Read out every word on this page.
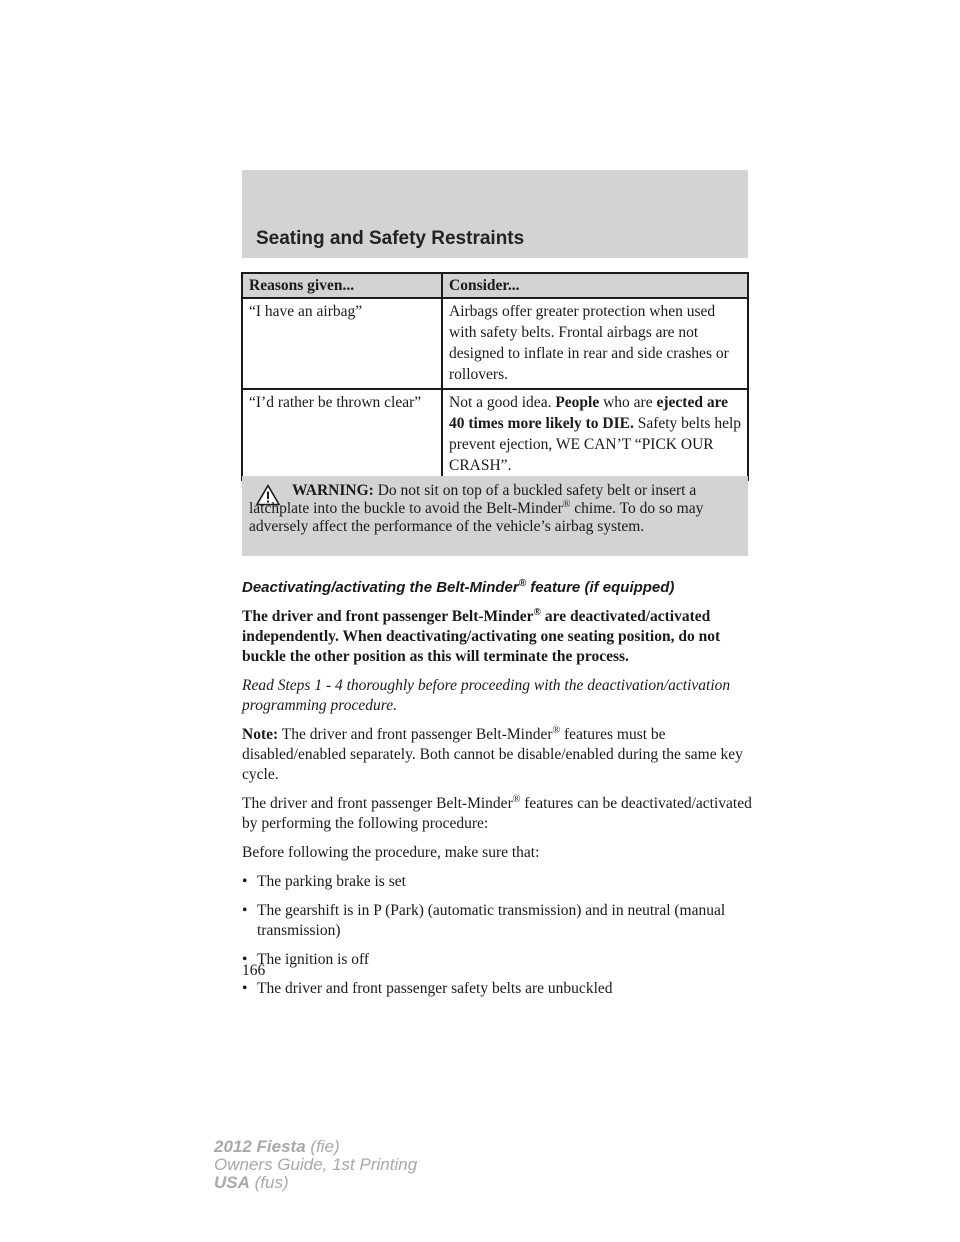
Seating and Safety Restraints
Reasons given...	Consider...
“I have an airbag”	Airbags offer greater protection when used with safety belts. Frontal airbags are not designed to inflate in rear and side crashes or rollovers.
“I’d rather be thrown clear”	Not a good idea. People who are ejected are 40 times more likely to DIE. Safety belts help prevent ejection, WE CAN’T “PICK OUR CRASH”.

WARNING: Do not sit on top of a buckled safety belt or insert a latchplate into the buckle to avoid the Belt-Minder® chime. To do so may adversely affect the performance of the vehicle’s airbag system.

Deactivating/activating the Belt-Minder® feature (if equipped)

The driver and front passenger Belt-Minder® are deactivated/activated independently. When deactivating/activating one seating position, do not buckle the other position as this will terminate the process.

Read Steps 1 - 4 thoroughly before proceeding with the deactivation/activation programming procedure.

Note: The driver and front passenger Belt-Minder® features must be disabled/enabled separately. Both cannot be disable/enabled during the same key cycle.

The driver and front passenger Belt-Minder® features can be deactivated/activated by performing the following procedure:

Before following the procedure, make sure that:

• The parking brake is set
• The gearshift is in P (Park) (automatic transmission) and in neutral (manual transmission)
• The ignition is off
• The driver and front passenger safety belts are unbuckled
166
2012 Fiesta (fie)
Owners Guide, 1st Printing
USA (fus)
